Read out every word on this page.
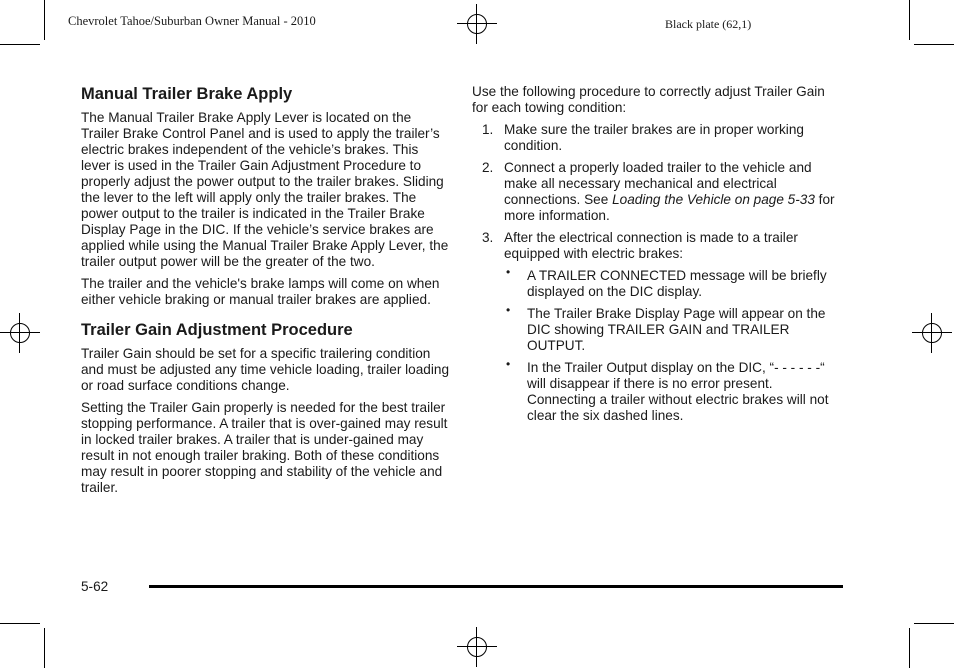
Chevrolet Tahoe/Suburban Owner Manual - 2010	Black plate (62,1)
Manual Trailer Brake Apply

The Manual Trailer Brake Apply Lever is located on the Trailer Brake Control Panel and is used to apply the trailer’s electric brakes independent of the vehicle’s brakes. This lever is used in the Trailer Gain Adjustment Procedure to properly adjust the power output to the trailer brakes. Sliding the lever to the left will apply only the trailer brakes. The power output to the trailer is indicated in the Trailer Brake Display Page in the DIC. If the vehicle’s service brakes are applied while using the Manual Trailer Brake Apply Lever, the trailer output power will be the greater of the two.

The trailer and the vehicle's brake lamps will come on when either vehicle braking or manual trailer brakes are applied.

Trailer Gain Adjustment Procedure

Trailer Gain should be set for a specific trailering condition and must be adjusted any time vehicle loading, trailer loading or road surface conditions change.

Setting the Trailer Gain properly is needed for the best trailer stopping performance. A trailer that is over-gained may result in locked trailer brakes. A trailer that is under-gained may result in not enough trailer braking. Both of these conditions may result in poorer stopping and stability of the vehicle and trailer.

Use the following procedure to correctly adjust Trailer Gain for each towing condition:

1. Make sure the trailer brakes are in proper working condition.
2. Connect a properly loaded trailer to the vehicle and make all necessary mechanical and electrical connections. See Loading the Vehicle on page 5‑33 for more information.
3. After the electrical connection is made to a trailer equipped with electric brakes:
• A TRAILER CONNECTED message will be briefly displayed on the DIC display.
• The Trailer Brake Display Page will appear on the DIC showing TRAILER GAIN and TRAILER OUTPUT.
• In the Trailer Output display on the DIC, “‑ ‑ ‑ ‑ ‑ ‑“ will disappear if there is no error present. Connecting a trailer without electric brakes will not clear the six dashed lines.
5-62
